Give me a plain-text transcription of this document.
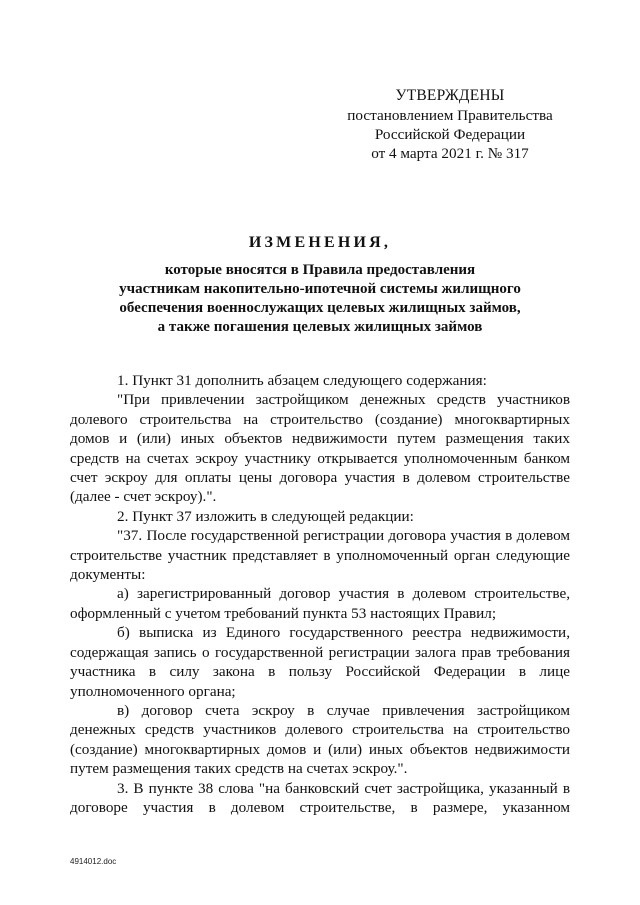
УТВЕРЖДЕНЫ
постановлением Правительства
Российской Федерации
от 4 марта 2021 г. № 317
ИЗМЕНЕНИЯ,
которые вносятся в Правила предоставления
участникам накопительно-ипотечной системы жилищного
обеспечения военнослужащих целевых жилищных займов,
а также погашения целевых жилищных займов

1. Пункт 31 дополнить абзацем следующего содержания:

"При привлечении застройщиком денежных средств участников долевого строительства на строительство (создание) многоквартирных домов и (или) иных объектов недвижимости путем размещения таких средств на счетах эскроу участнику открывается уполномоченным банком счет эскроу для оплаты цены договора участия в долевом строительстве (далее - счет эскроу).".

2. Пункт 37 изложить в следующей редакции:

"37. После государственной регистрации договора участия в долевом строительстве участник представляет в уполномоченный орган следующие документы:

а) зарегистрированный договор участия в долевом строительстве, оформленный с учетом требований пункта 53 настоящих Правил;

б) выписка из Единого государственного реестра недвижимости, содержащая запись о государственной регистрации залога прав требования участника в силу закона в пользу Российской Федерации в лице уполномоченного органа;

в) договор счета эскроу в случае привлечения застройщиком денежных средств участников долевого строительства на строительство (создание) многоквартирных домов и (или) иных объектов недвижимости путем размещения таких средств на счетах эскроу.".

3. В пункте 38 слова "на банковский счет застройщика, указанный в договоре участия в долевом строительстве, в размере, указанном

4914012.doc
